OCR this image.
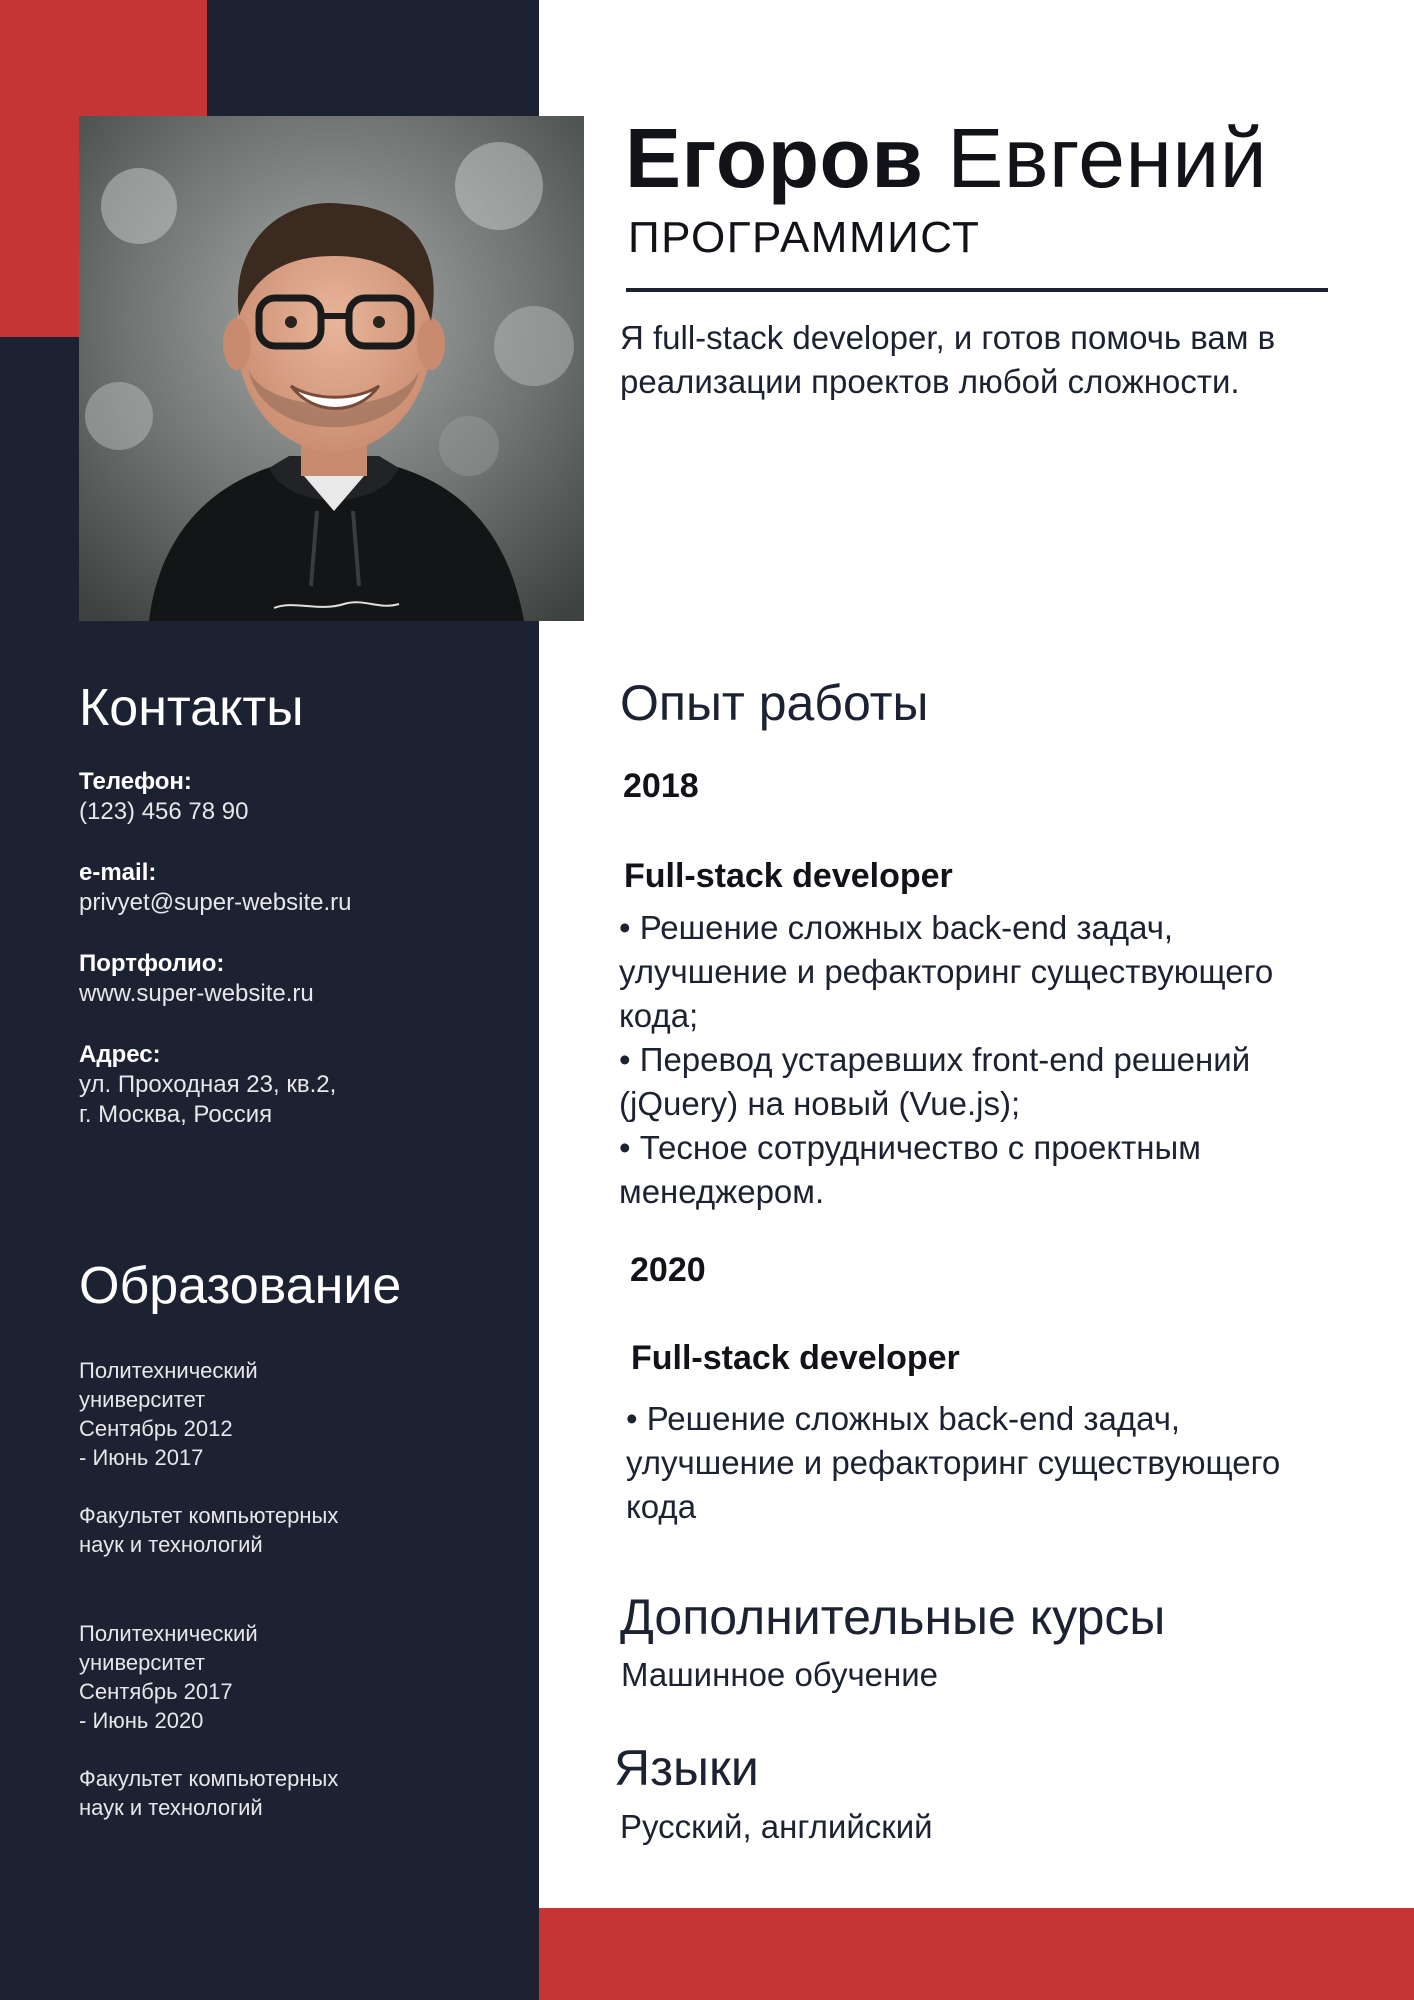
Егоров Евгений
ПРОГРАММИСТ
Я full-stack developer, и готов помочь вам в реализации проектов любой сложности.
Контакты
Телефон:
(123) 456 78 90
e-mail:
privyet@super-website.ru
Портфолио:
www.super-website.ru
Адрес:
ул. Проходная 23, кв.2,
г. Москва, Россия
Образование

Политехнический

университет

Сентябрь 2012

- Июнь 2017

Факультет компьютерных

наук и технологий

Политехнический

университет

Сентябрь 2017

- Июнь 2020

Факультет компьютерных

наук и технологий

Опыт работы
2018
Full-stack developer

• Решение сложных back-end задач, улучшение и рефакторинг существующего кода;

• Перевод устаревших front-end решений (jQuery) на новый (Vue.js);

• Тесное сотрудничество с проектным менеджером.

2020
Full-stack developer

• Решение сложных back-end задач, улучшение и рефакторинг существующего кода

Дополнительные курсы
Машинное обучение
Языки
Русский, английский
